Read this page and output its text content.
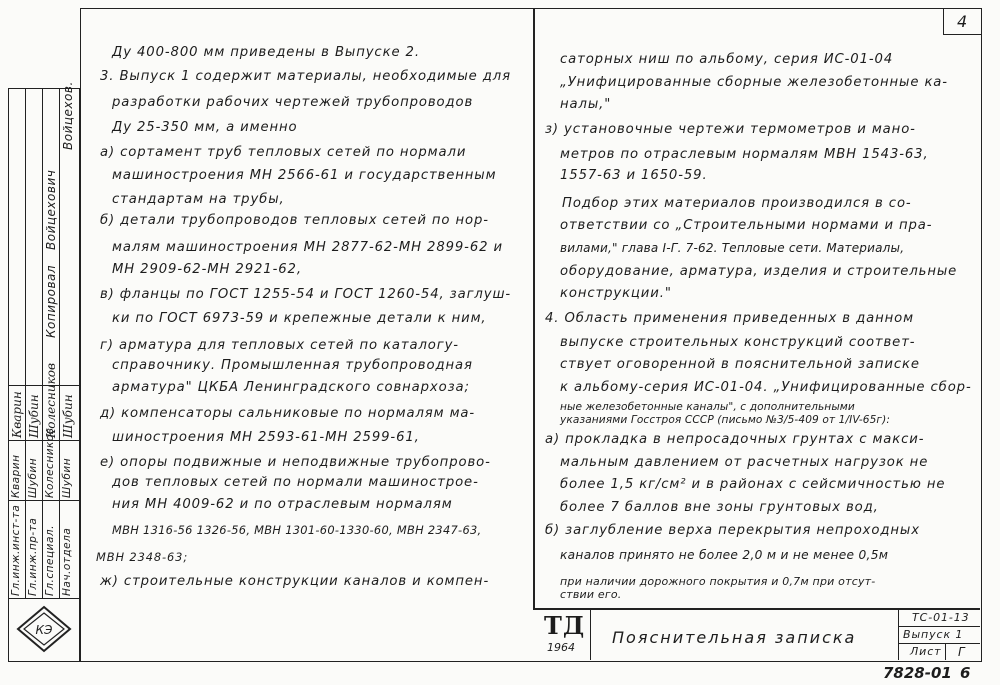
4
Гл.инж.инст-та Гл.инж.пр-та Гл.специал. Нач.отдела
Кварин Шубин Колесников Шубин
Кварин Шубин Колесников Шубин
Копировал
Войцехович
Войцехов.
КЭ
Ду 400-800 мм приведены в Выпуске 2.
3. Выпуск 1 содержит материалы, необходимые для
разработки рабочих чертежей трубопроводов
Ду 25-350 мм, а именно
а) сортамент труб тепловых сетей по нормали
машиностроения МН 2566-61 и государственным
стандартам на трубы,
б) детали трубопроводов тепловых сетей по нор-
малям машиностроения МН 2877-62-МН 2899-62 и
МН 2909-62-МН 2921-62,
в) фланцы по ГОСТ 1255-54 и ГОСТ 1260-54, заглуш-
ки по ГОСТ 6973-59 и крепежные детали к ним,
г) арматура для тепловых сетей по каталогу-
справочнику. Промышленная трубопроводная
арматура" ЦКБА Ленинградского совнархоза;
д) компенсаторы сальниковые по нормалям ма-
шиностроения МН 2593-61-МН 2599-61,
е) опоры подвижные и неподвижные трубопрово-
дов тепловых сетей по нормали машинострое-
ния МН 4009-62 и по отраслевым нормалям
МВН 1316-56 1326-56, МВН 1301-60-1330-60, МВН 2347-63,
МВН 2348-63;
ж) строительные конструкции каналов и компен-
саторных ниш по альбому, серия ИС-01-04
„Унифицированные сборные железобетонные ка-
налы,"
з) установочные чертежи термометров и мано-
метров по отраслевым нормалям МВН 1543-63,
1557-63 и 1650-59.
Подбор этих материалов производился в со-
ответствии со „Строительными нормами и пра-
вилами," глава I-Г. 7-62. Тепловые сети. Материалы,
оборудование, арматура, изделия и строительные
конструкции."
4. Область применения приведенных в данном
выпуске строительных конструкций соответ-
ствует оговоренной в пояснительной записке
к альбому-серия ИС-01-04. „Унифицированные сбор-
ные железобетонные каналы", с дополнительными
указаниями Госстроя СССР (письмо №3/5-409 от 1/IV-65г):
а) прокладка в непросадочных грунтах с макси-
мальным давлением от расчетных нагрузок не
более 1,5 кг/см² и в районах с сейсмичностью не
более 7 баллов вне зоны грунтовых вод,
б) заглубление верха перекрытия непроходных
каналов принято не более 2,0 м и не менее 0,5м
при наличии дорожного покрытия и 0,7м при отсут-
ствии его.
ТД
1964
Пояснительная записка
ТС-01-13
Выпуск 1
Лист Г
7828-01 6
